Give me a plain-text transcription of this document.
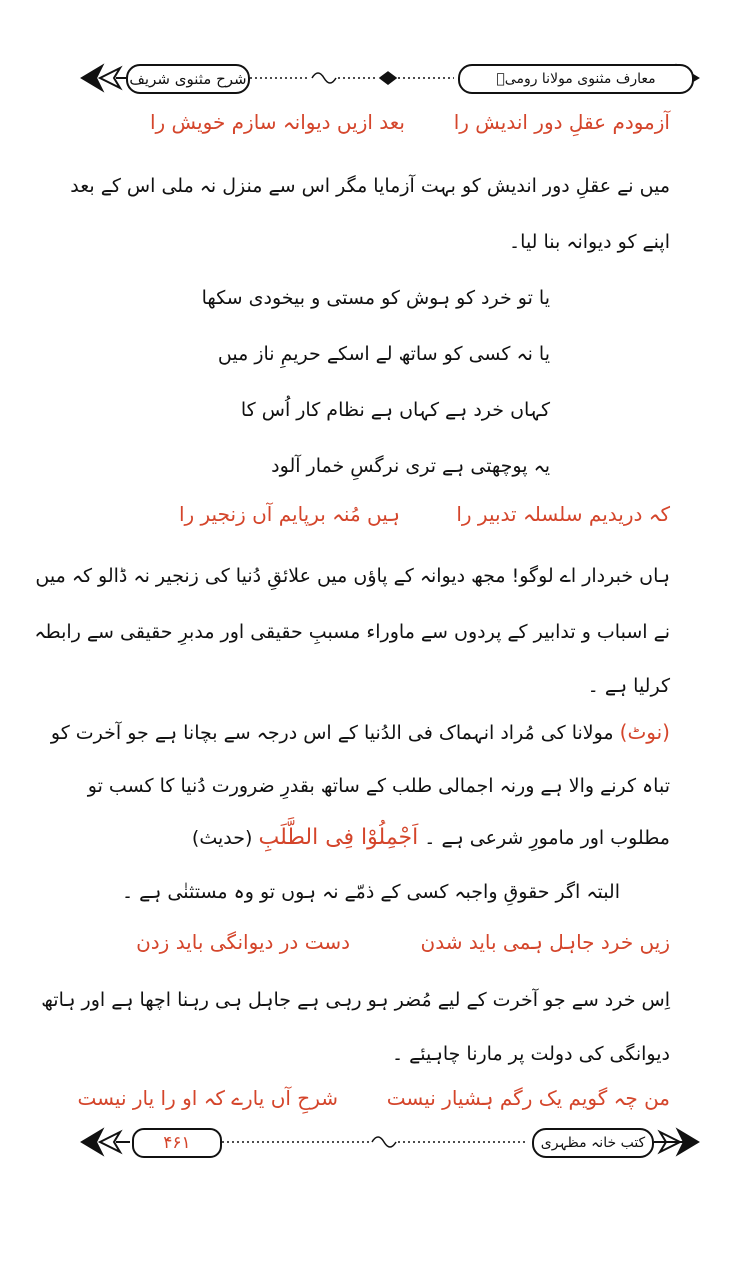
معارف مثنوی مولانا رومیؒ
شرح مثنوی شریف
آزمودم عقلِ دور اندیش را
بعد ازیں دیوانہ سازم خویش را
میں نے عقلِ دور اندیش کو بہت آزمایا مگر اس سے منزل نہ ملی اس کے بعد
اپنے کو دیوانہ بنا لیا۔
یا تو خرد کو ہوش کو مستی و بیخودی سکھا
یا نہ کسی کو ساتھ لے اسکے حریمِ ناز میں
کہاں خرد ہے کہاں ہے نظام کار اُس کا
یہ پوچھتی ہے تری نرگسِ خمار آلود
ہیں مُنہ برپایم آں زنجیر را	کہ دریدیم سلسلہ تدبیر را
ہاں خبردار اے لوگو! مجھ دیوانہ کے پاؤں میں علائقِ دُنیا کی زنجیر نہ ڈالو کہ میں
نے اسباب و تدابیر کے پردوں سے ماوراء مسببِ حقیقی اور مدبرِ حقیقی سے رابطہ
کرلیا ہے ۔
(نوٹ) مولانا کی مُراد انہماک فی الدُنیا کے اس درجہ سے بچانا ہے جو آخرت کو
تباہ کرنے والا ہے ورنہ اجمالی طلب کے ساتھ بقدرِ ضرورت دُنیا کا کسب تو
مطلوب اور مامورِ شرعی ہے ۔ اَجْمِلُوْا فِی الطَّلَبِ (حدیث)
البتہ اگر حقوقِ واجبہ کسی کے ذمّے نہ ہوں تو وہ مستثنٰی ہے ۔
زیں خرد جاہل ہمی باید شدن
دست در دیوانگی باید زدن
اِس خرد سے جو آخرت کے لیے مُضر ہو رہی ہے جاہل ہی رہنا اچھا ہے اور ہاتھ
دیوانگی کی دولت پر مارنا چاہیئے ۔
من چہ گویم یک رگم ہشیار نیست
شرحِ آں یارے کہ او را یار نیست
کتب خانہ مظہری
۴۶۱
